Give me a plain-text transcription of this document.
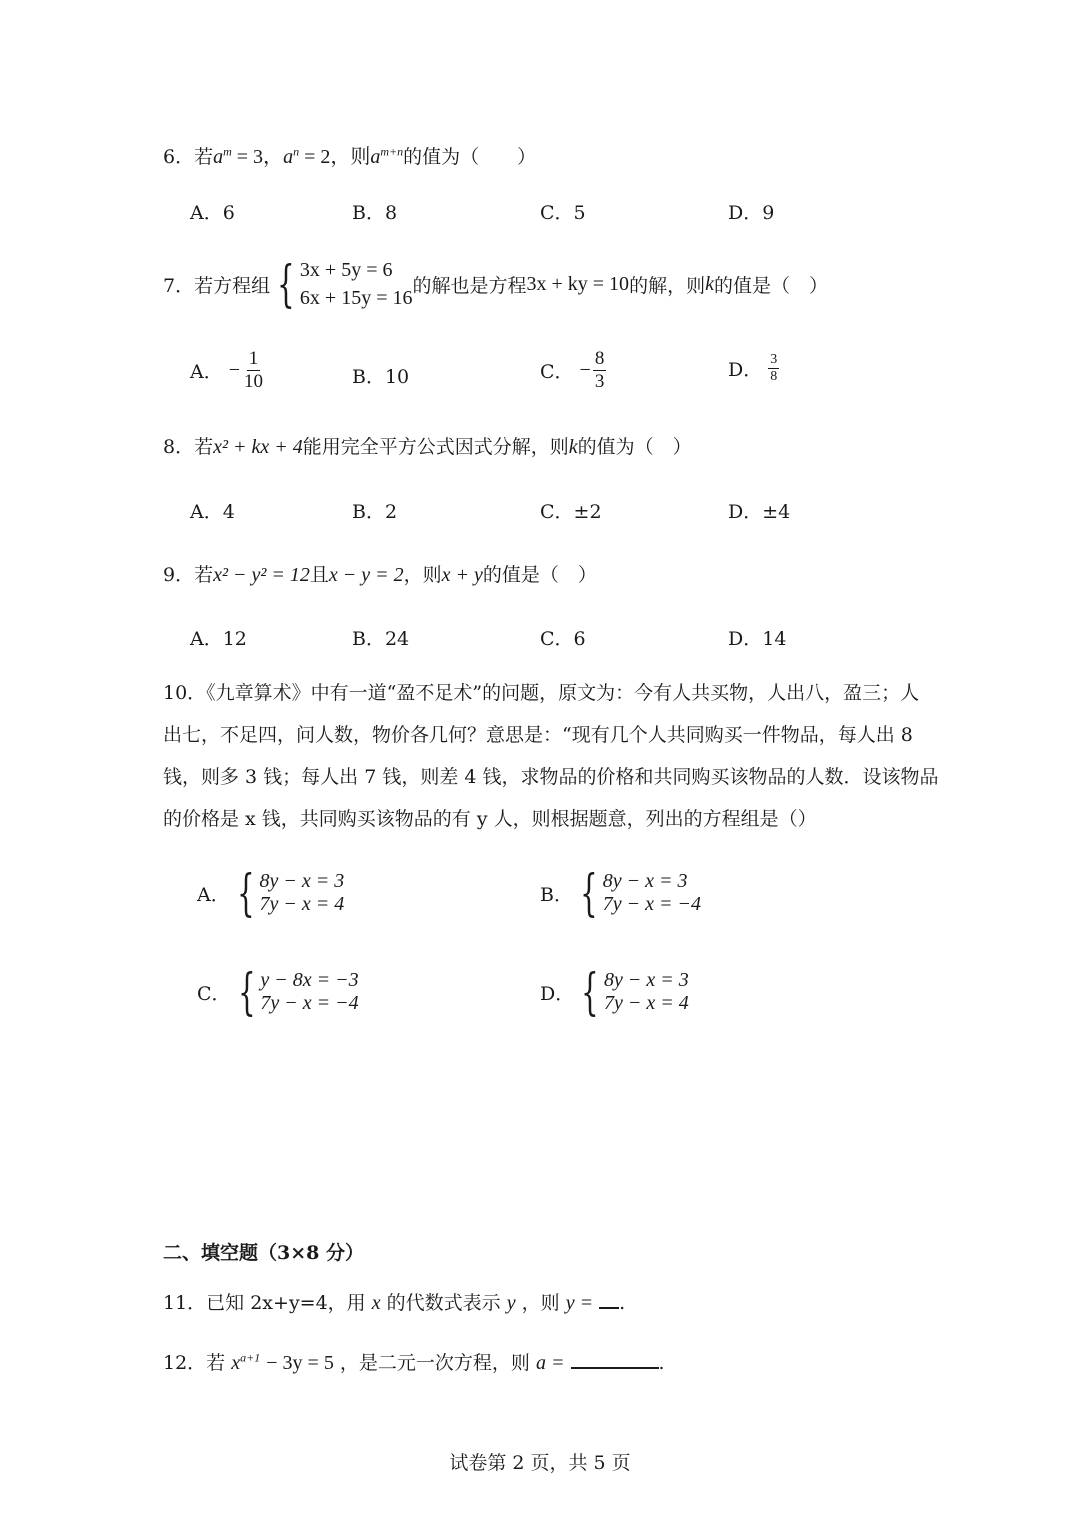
6．若$a^m = 3$，$a^n = 2$，则$a^{m+n}$的值为（　　）
A．6	B．8	C．5	D．9
7． 若方程组 { 3x + 5y = 6
6x + 15y = 16
的解也是方程 3x + ky = 10 的解，则 k 的值是（　）
A． − $\frac{1}{10}$	B．10	C． − $\frac{8}{3}$	D． $\frac{3}{8}$
8．若x² + kx + 4能用完全平方公式因式分解，则k的值为（　）
A．4	B．2	C．±2	D．±4
9．若x² − y² = 12且x − y = 2，则x + y的值是（　）
A．12	B．24	C．6	D．14
10．《九章算术》中有一道“盈不足术”的问题，原文为：今有人共买物，人出八，盈三；人
出七，不足四，问人数，物价各几何？意思是：“现有几个人共同购买一件物品，每人出 8
钱，则多 3 钱；每人出 7 钱，则差 4 钱，求物品的价格和共同购买该物品的人数．设该物品
的价格是 x 钱，共同购买该物品的有 y 人，则根据题意，列出的方程组是（）
A． { 8y − x = 3
7y − x = 4	B． { 8y − x = 3
7y − x = −4
C． { y − 8x = −3
7y − x = −4	D． { 8y − x = 3
7y − x = 4
二、填空题（3×8 分）
11．已知 2x+y=4，用 x 的代数式表示 y ，则 y = .
12．若 $x^{a+1} - 3y = 5$ ，是二元一次方程，则 a =	.
试卷第 2 页，共 5 页
